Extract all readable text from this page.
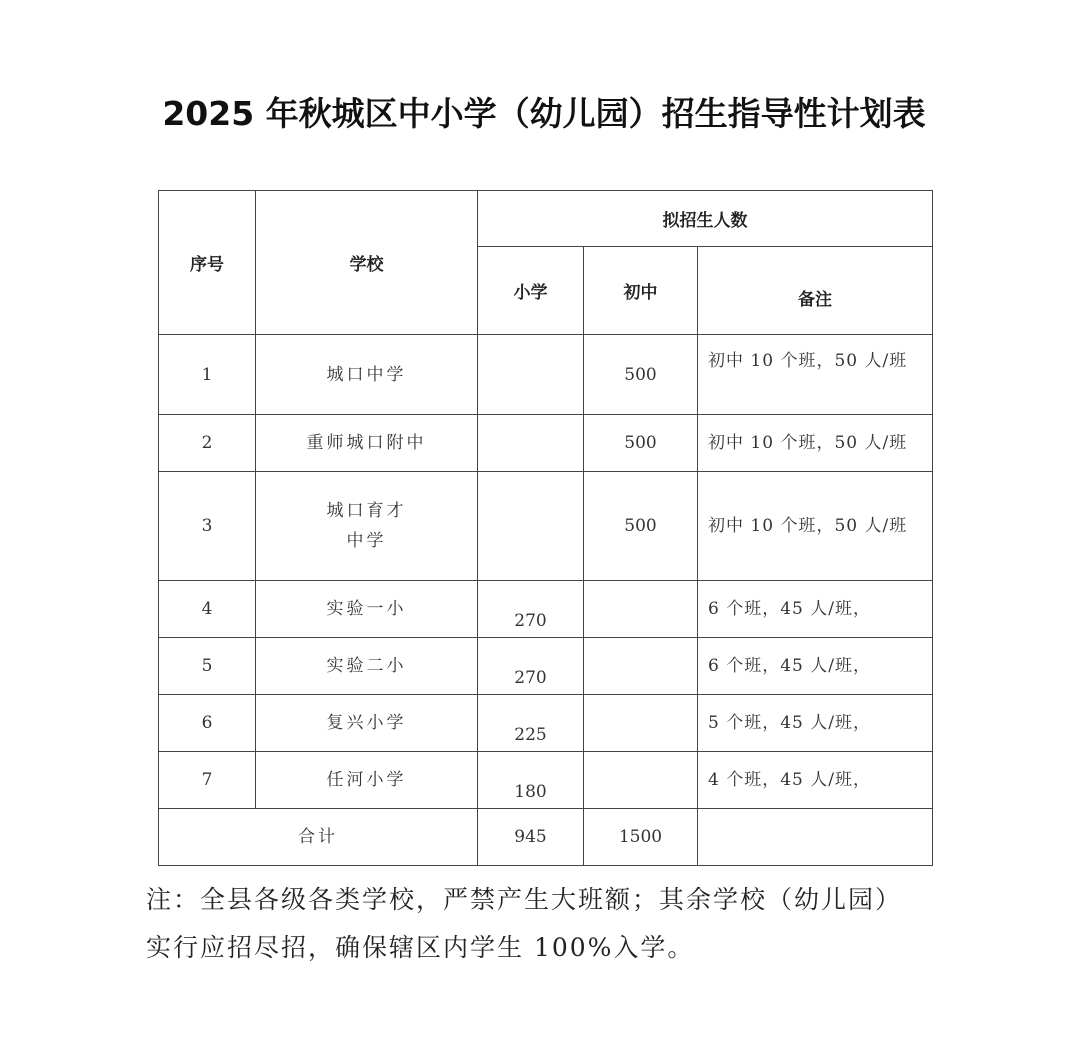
2025 年秋城区中小学（幼儿园）招生指导性计划表
序号	学校	拟招生人数		
		小学	初中	备注
1	城口中学		500	初中 10 个班，50 人/班
2	重师城口附中		500	初中 10 个班，50 人/班
3	城口育才
中学		500	初中 10 个班，50 人/班
4	实验一小	270		6 个班，45 人/班，
5	实验二小	270		6 个班，45 人/班，
6	复兴小学	225		5 个班，45 人/班，
7	任河小学	180		4 个班，45 人/班，
合计		945	1500	
注：全县各级各类学校，严禁产生大班额；其余学校（幼儿园）
实行应招尽招，确保辖区内学生 100%入学。
